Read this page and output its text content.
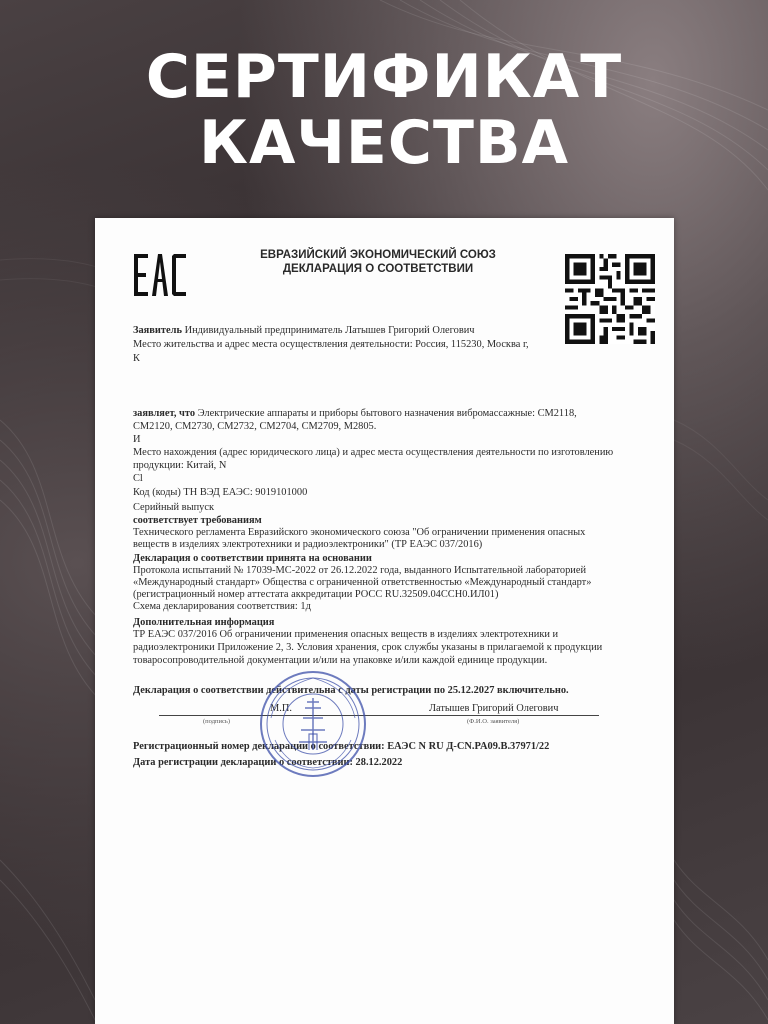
СЕРТИФИКАТ
КАЧЕСТВА
ЕВРАЗИЙСКИЙ ЭКОНОМИЧЕСКИЙ СОЮЗ
ДЕКЛАРАЦИЯ О СООТВЕТСТВИИ
Заявитель Индивидуальный предприниматель Латышев Григорий Олегович
Место жительства и адрес места осуществления деятельности: Россия, 115230, Москва г,
К
заявляет, что Электрические аппараты и приборы бытового назначения вибромассажные: CM2118,
CM2120, CM2730, CM2732, CM2704, CM2709, M2805.
И
Место нахождения (адрес юридического лица) и адрес места осуществления деятельности по изготовлению
продукции: Китай, N
Cl
Код (коды) ТН ВЭД ЕАЭС: 9019101000
Серийный выпуск
соответствует требованиям
Технического регламента Евразийского экономического союза "Об ограничении применения опасных
веществ в изделиях электротехники и радиоэлектроники" (ТР ЕАЭС 037/2016)
Декларация о соответствии принята на основании
Протокола испытаний № 17039-МС-2022 от 26.12.2022 года, выданного Испытательной лабораторией
«Международный стандарт» Общества с ограниченной ответственностью «Международный стандарт»
(регистрационный номер аттестата аккредитации РОСС RU.32509.04ССН0.ИЛ01)
Схема декларирования соответствия: 1д
Дополнительная информация
ТР ЕАЭС 037/2016 Об ограничении применения опасных веществ в изделиях электротехники и
радиоэлектроники Приложение 2, 3. Условия хранения, срок службы указаны в прилагаемой к продукции
товаросопроводительной документации и/или на упаковке и/или каждой единице продукции.
Декларация о соответствии действительна с даты регистрации по 25.12.2027 включительно.
М.П.	Латышев Григорий Олегович
(подпись)	(Ф.И.О. заявителя)
Регистрационный номер декларации о соответствии: ЕАЭС N RU Д-CN.PA09.B.37971/22
Дата регистрации декларации о соответствии: 28.12.2022
